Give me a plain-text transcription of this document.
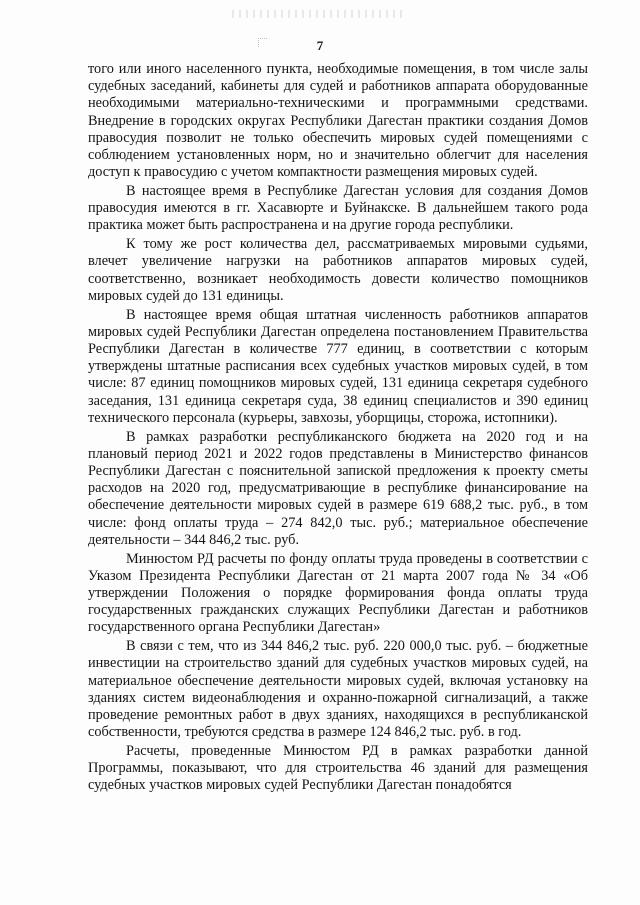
7

того или иного населенного пункта, необходимые помещения, в том числе залы судебных заседаний, кабинеты для судей и работников аппарата оборудованные необходимыми материально-техническими и программными средствами. Внедрение в городских округах Республики Дагестан практики создания Домов правосудия позволит не только обеспечить мировых судей помещениями с соблюдением установленных норм, но и значительно облегчит для населения доступ к правосудию с учетом компактности размещения мировых судей.

В настоящее время в Республике Дагестан условия для создания Домов правосудия имеются в гг. Хасавюрте и Буйнакске. В дальнейшем такого рода практика может быть распространена и на другие города республики.

К тому же рост количества дел, рассматриваемых мировыми судьями, влечет увеличение нагрузки на работников аппаратов мировых судей, соответственно, возникает необходимость довести количество помощников мировых судей до 131 единицы.

В настоящее время общая штатная численность работников аппаратов мировых судей Республики Дагестан определена постановлением Правительства Республики Дагестан в количестве 777 единиц, в соответствии с которым утверждены штатные расписания всех судебных участков мировых судей, в том числе: 87 единиц помощников мировых судей, 131 единица секретаря судебного заседания, 131 единица секретаря суда, 38 единиц специалистов и 390 единиц технического персонала (курьеры, завхозы, уборщицы, сторожа, истопники).

В рамках разработки республиканского бюджета на 2020 год и на плановый период 2021 и 2022 годов представлены в Министерство финансов Республики Дагестан с пояснительной запиской предложения к проекту сметы расходов на 2020 год, предусматривающие в республике финансирование на обеспечение деятельности мировых судей в размере 619 688,2 тыс. руб., в том числе: фонд оплаты труда – 274 842,0 тыс. руб.; материальное обеспечение деятельности – 344 846,2 тыс. руб.

Минюстом РД расчеты по фонду оплаты труда проведены в соответствии с Указом Президента Республики Дагестан от 21 марта 2007 года № 34 «Об утверждении Положения о порядке формирования фонда оплаты труда государственных гражданских служащих Республики Дагестан и работников государственного органа Республики Дагестан»

В связи с тем, что из 344 846,2 тыс. руб. 220 000,0 тыс. руб. – бюджетные инвестиции на строительство зданий для судебных участков мировых судей, на материальное обеспечение деятельности мировых судей, включая установку на зданиях систем видеонаблюдения и охранно-пожарной сигнализаций, а также проведение ремонтных работ в двух зданиях, находящихся в республиканской собственности, требуются средства в размере 124 846,2 тыс. руб. в год.

Расчеты, проведенные Минюстом РД в рамках разработки данной Программы, показывают, что для строительства 46 зданий для размещения судебных участков мировых судей Республики Дагестан понадобятся
